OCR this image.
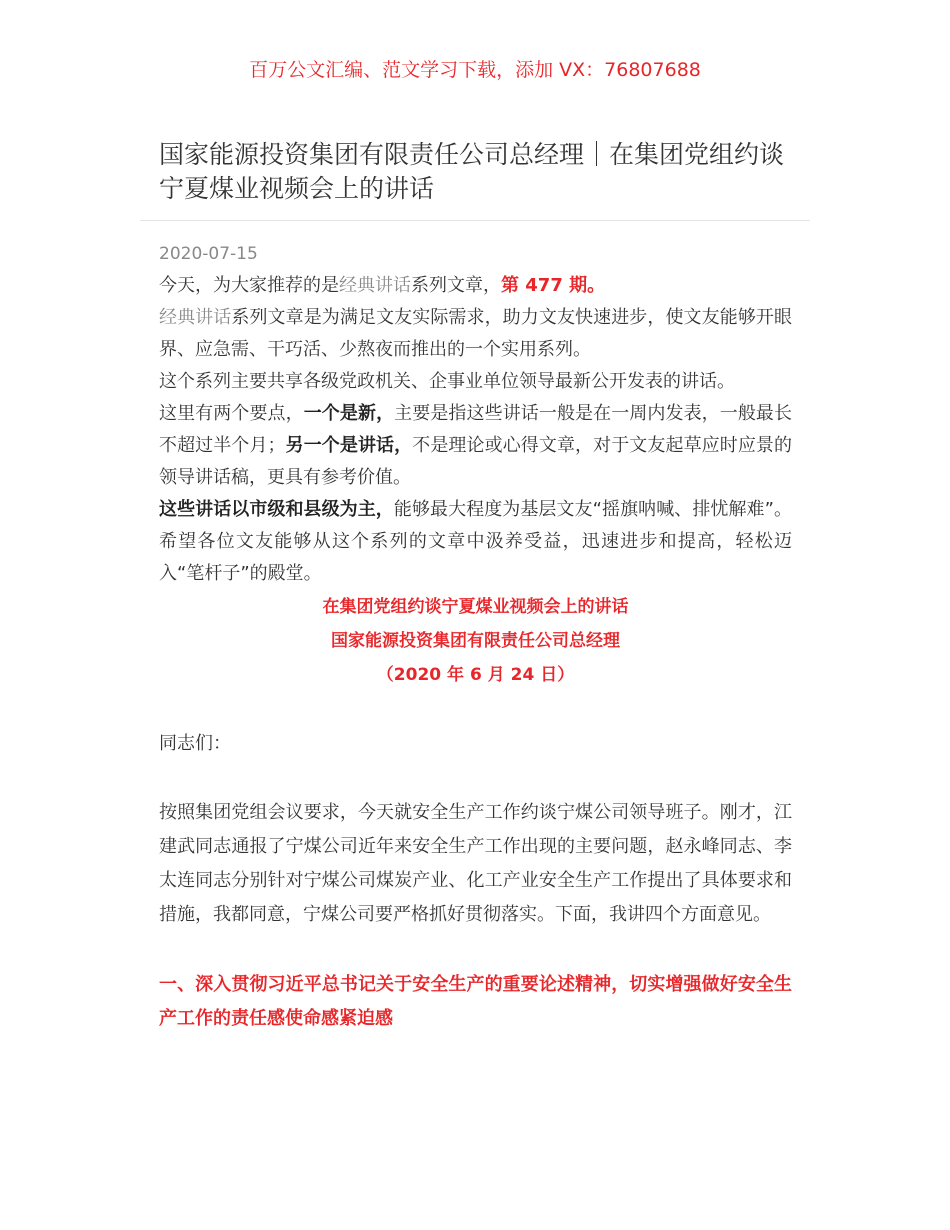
百万公文汇编、范文学习下载，添加 VX：76807688
国家能源投资集团有限责任公司总经理｜在集团党组约谈宁夏煤业视频会上的讲话
2020-07-15

今天，为大家推荐的是经典讲话系列文章，第 477 期。

经典讲话系列文章是为满足文友实际需求，助力文友快速进步，使文友能够开眼界、应急需、干巧活、少熬夜而推出的一个实用系列。

这个系列主要共享各级党政机关、企事业单位领导最新公开发表的讲话。

这里有两个要点，一个是新，主要是指这些讲话一般是在一周内发表，一般最长不超过半个月；另一个是讲话，不是理论或心得文章，对于文友起草应时应景的领导讲话稿，更具有参考价值。

这些讲话以市级和县级为主，能够最大程度为基层文友“摇旗呐喊、排忧解难”。希望各位文友能够从这个系列的文章中汲养受益，迅速进步和提高，轻松迈入“笔杆子”的殿堂。

在集团党组约谈宁夏煤业视频会上的讲话
国家能源投资集团有限责任公司总经理
（2020 年 6 月 24 日）

同志们：

按照集团党组会议要求，今天就安全生产工作约谈宁煤公司领导班子。刚才，江建武同志通报了宁煤公司近年来安全生产工作出现的主要问题，赵永峰同志、李太连同志分别针对宁煤公司煤炭产业、化工产业安全生产工作提出了具体要求和措施，我都同意，宁煤公司要严格抓好贯彻落实。下面，我讲四个方面意见。

一、深入贯彻习近平总书记关于安全生产的重要论述精神，切实增强做好安全生产工作的责任感使命感紧迫感
